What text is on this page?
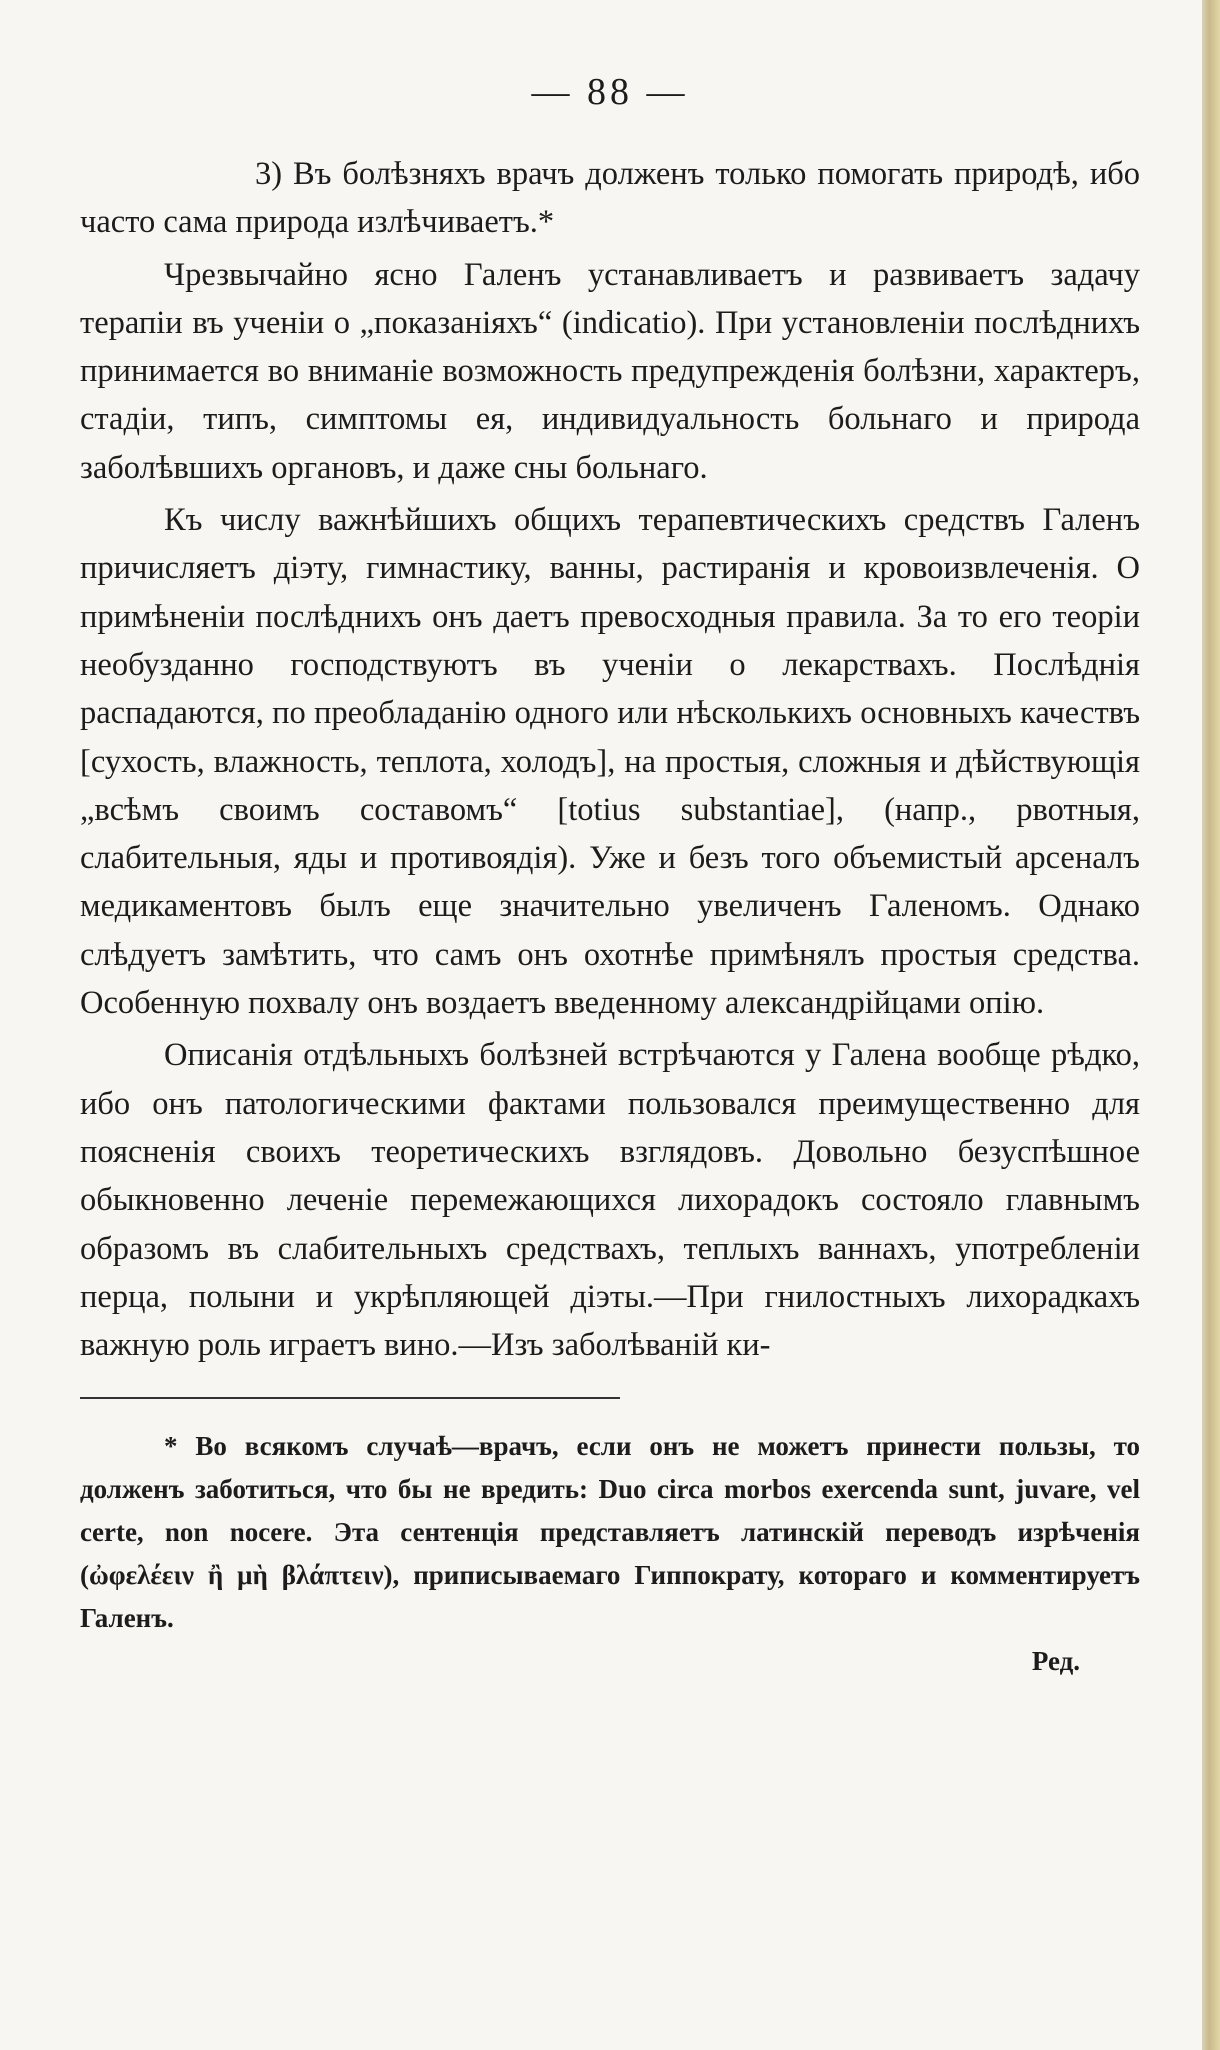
— 88 —

3) Въ болѣзняхъ врачъ долженъ только помогать природѣ, ибо часто сама природа излѣчиваетъ.*

Чрезвычайно ясно Галенъ устанавливаетъ и развиваетъ задачу терапіи въ ученіи о „показаніяхъ“ (indicatio). При установленіи послѣднихъ принимается во вниманіе возможность предупрежденія болѣзни, характеръ, стадіи, типъ, симптомы ея, индивидуальность больнаго и природа заболѣвшихъ органовъ, и даже сны больнаго.

Къ числу важнѣйшихъ общихъ терапевтическихъ средствъ Галенъ причисляетъ діэту, гимнастику, ванны, растиранія и кровоизвлеченія. О примѣненіи послѣднихъ онъ даетъ превосходныя правила. За то его теоріи необузданно господствуютъ въ ученіи о лекарствахъ. Послѣднія распадаются, по преобладанію одного или нѣсколькихъ основныхъ качествъ [сухость, влажность, теплота, холодъ], на простыя, сложныя и дѣйствующія „всѣмъ своимъ составомъ“ [totius substantiae], (напр., рвотныя, слабительныя, яды и противоядія). Уже и безъ того объемистый арсеналъ медикаментовъ былъ еще значительно увеличенъ Галеномъ. Однако слѣдуетъ замѣтить, что самъ онъ охотнѣе примѣнялъ простыя средства. Особенную похвалу онъ воздаетъ введенному александрійцами опію.

Описанія отдѣльныхъ болѣзней встрѣчаются у Галена вообще рѣдко, ибо онъ патологическими фактами пользовался преимущественно для поясненія своихъ теоретическихъ взглядовъ. Довольно безуспѣшное обыкновенно леченіе перемежающихся лихорадокъ состояло главнымъ образомъ въ слабительныхъ средствахъ, теплыхъ ваннахъ, употребленіи перца, полыни и укрѣпляющей діэты.—При гнилостныхъ лихорадкахъ важную роль играетъ вино.—Изъ заболѣваній ки-

* Во всякомъ случаѣ—врачъ, если онъ не можетъ принести пользы, то долженъ заботиться, что бы не вредить: Duo circa morbos exercenda sunt, juvare, vel certe, non nocere. Эта сентенція представляетъ латинскій переводъ изрѣченія (ὠφελέειν ἢ μὴ βλάπτειν), приписываемаго Гиппократу, котораго и комментируетъ Галенъ.

Ред.
